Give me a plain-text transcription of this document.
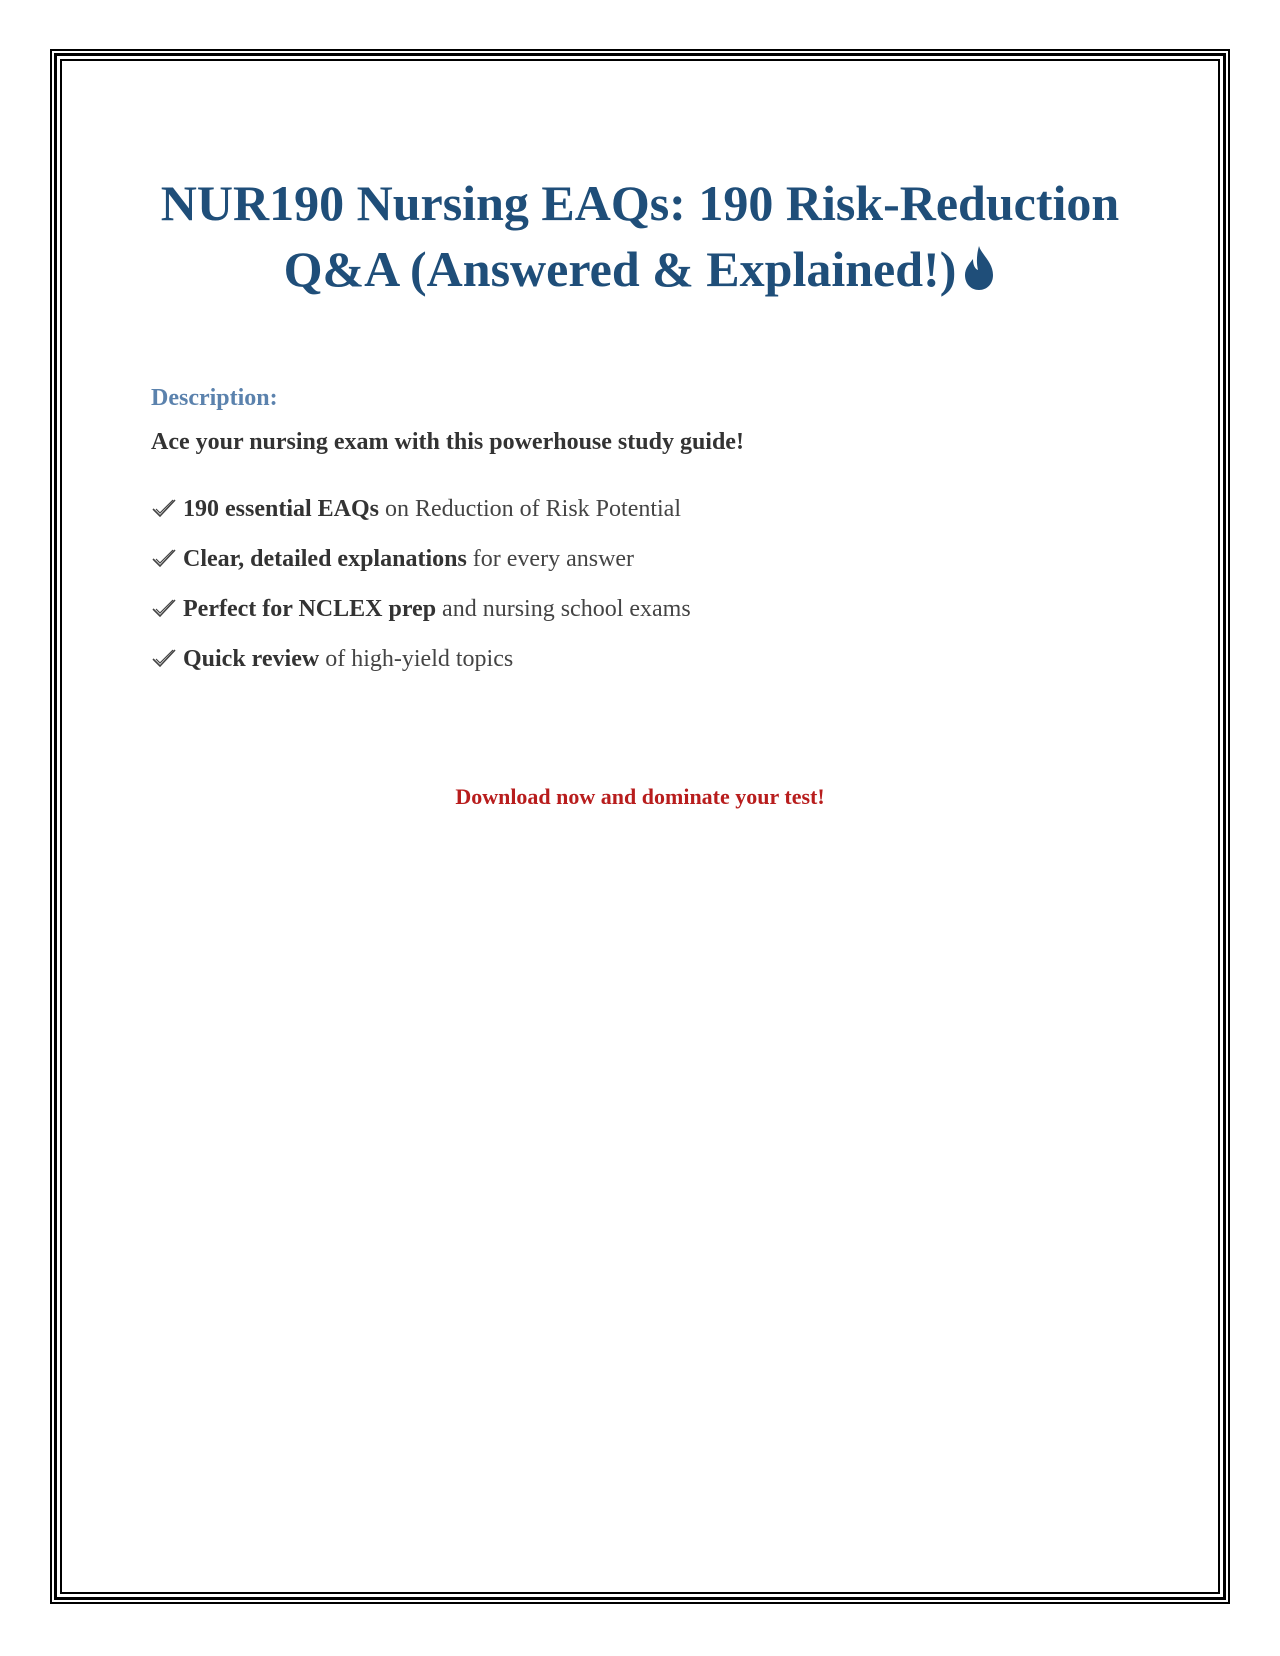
NUR190 Nursing EAQs: 190 Risk-Reduction
Q&A (Answered & Explained!)

Description:

Ace your nursing exam with this powerhouse study guide!

190 essential EAQs on Reduction of Risk Potential
Clear, detailed explanations for every answer
Perfect for NCLEX prep and nursing school exams
Quick review of high-yield topics

Download now and dominate your test!
